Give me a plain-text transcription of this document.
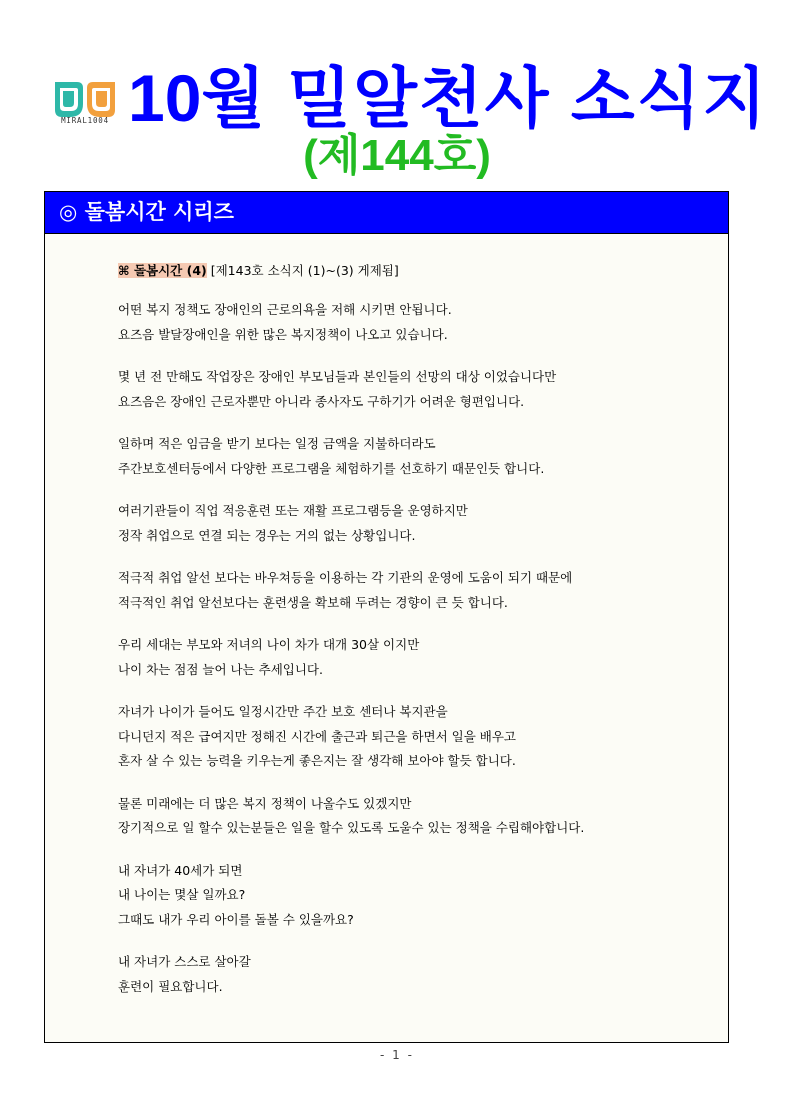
MIRAL1004 10월 밀알천사 소식지
(제144호)
◎ 돌봄시간 시리즈
⌘ 돌봄시간 (4) [제143호 소식지 (1)~(3) 게제됨]
어떤 복지 정책도 장애인의 근로의욕을 저해 시키면 안됩니다.
요즈음 발달장애인을 위한 많은 복지정책이 나오고 있습니다.
몇 년 전 만해도 작업장은 장애인 부모님들과 본인들의 선망의 대상 이었습니다만
요즈음은 장애인 근로자뿐만 아니라 종사자도 구하기가 어려운 형편입니다.
일하며 적은 임금을 받기 보다는 일정 금액을 지불하더라도
주간보호센터등에서 다양한 프로그램을 체험하기를 선호하기 때문인듯 합니다.
여러기관들이 직업 적응훈련 또는 재활 프로그램등을 운영하지만
정작 취업으로 연결 되는 경우는 거의 없는 상황입니다.
적극적 취업 알선 보다는 바우쳐등을 이용하는 각 기관의 운영에 도움이 되기 때문에
적극적인 취업 알선보다는 훈련생을 확보해 두려는 경향이 큰 듯 합니다.
우리 세대는 부모와 저녀의 나이 차가 대개 30살 이지만
나이 차는 점점 늘어 나는 추세입니다.
자녀가 나이가 들어도 일정시간만 주간 보호 센터나 복지관을
다니던지 적은 급여지만 정해진 시간에 출근과 퇴근을 하면서 일을 배우고
혼자 살 수 있는 능력을 키우는게 좋은지는 잘 생각해 보아야 할듯 합니다.
물론 미래에는 더 많은 복지 정책이 나올수도 있겠지만
장기적으로 일 할수 있는분들은 일을 할수 있도록 도울수 있는 정책을 수립해야합니다.
내 자녀가 40세가 되면
내 나이는 몇살 일까요?
그때도 내가 우리 아이를 돌볼 수 있을까요?
내 자녀가 스스로 살아갈
훈련이 필요합니다.
- 1 -
